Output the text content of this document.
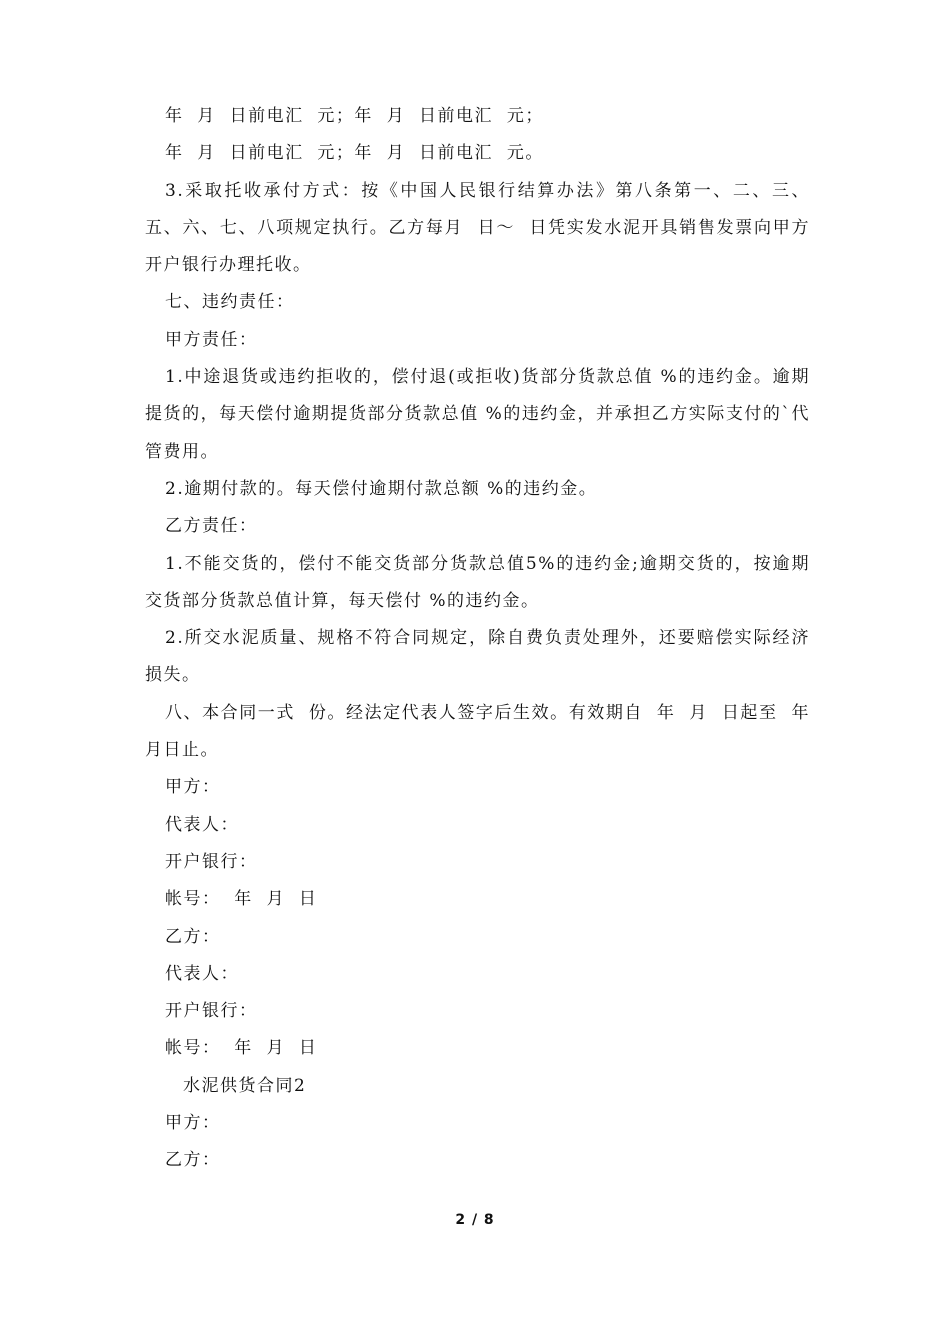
年  月  日前电汇  元；年  月  日前电汇  元；

年  月  日前电汇  元；年  月  日前电汇  元。

3.采取托收承付方式：按《中国人民银行结算办法》第八条第一、二、三、五、六、七、八项规定执行。乙方每月  日～  日凭实发水泥开具销售发票向甲方开户银行办理托收。

七、违约责任：

甲方责任：

1.中途退货或违约拒收的，偿付退(或拒收)货部分货款总值 %的违约金。逾期提货的，每天偿付逾期提货部分货款总值 %的违约金，并承担乙方实际支付的`代管费用。

2.逾期付款的。每天偿付逾期付款总额 %的违约金。

乙方责任：

1.不能交货的，偿付不能交货部分货款总值5%的违约金;逾期交货的，按逾期交货部分货款总值计算，每天偿付 %的违约金。

2.所交水泥质量、规格不符合同规定，除自费负责处理外，还要赔偿实际经济损失。

八、本合同一式  份。经法定代表人签字后生效。有效期自  年  月  日起至  年  月日止。

甲方：

代表人：

开户银行：

帐号：  年  月  日

乙方：

代表人：

开户银行：

帐号：  年  月  日

水泥供货合同2

甲方：

乙方：

2 / 8
